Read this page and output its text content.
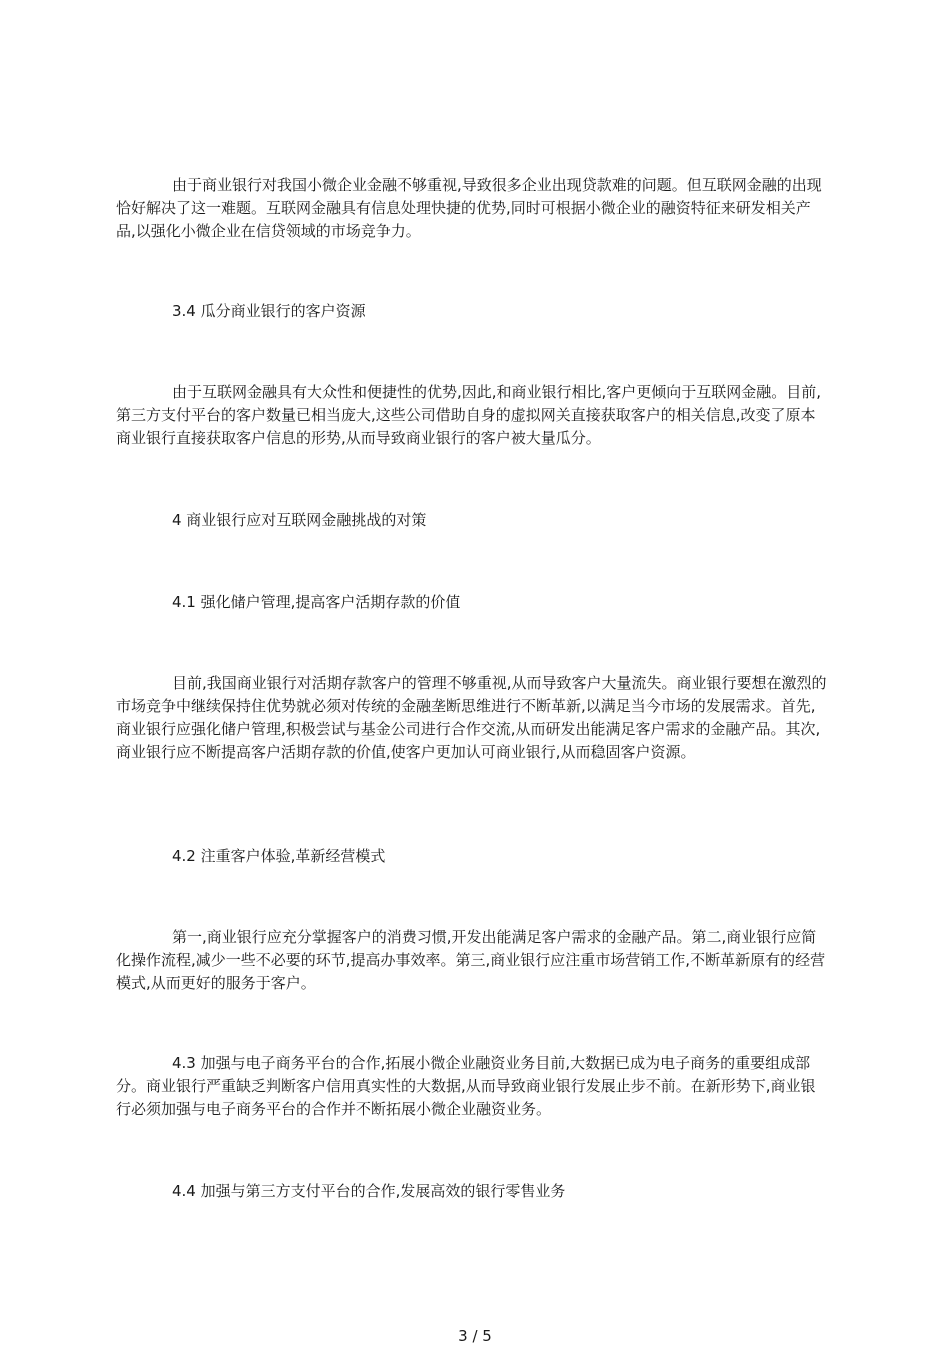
由于商业银行对我国小微企业金融不够重视,导致很多企业出现贷款难的问题。但互联网金融的出现恰好解决了这一难题。互联网金融具有信息处理快捷的优势,同时可根据小微企业的融资特征来研发相关产品,以强化小微企业在信贷领域的市场竞争力。

3.4 瓜分商业银行的客户资源

由于互联网金融具有大众性和便捷性的优势,因此,和商业银行相比,客户更倾向于互联网金融。目前,第三方支付平台的客户数量已相当庞大,这些公司借助自身的虚拟网关直接获取客户的相关信息,改变了原本商业银行直接获取客户信息的形势,从而导致商业银行的客户被大量瓜分。

4 商业银行应对互联网金融挑战的对策

4.1 强化储户管理,提高客户活期存款的价值

目前,我国商业银行对活期存款客户的管理不够重视,从而导致客户大量流失。商业银行要想在激烈的市场竞争中继续保持住优势就必须对传统的金融垄断思维进行不断革新,以满足当今市场的发展需求。首先,商业银行应强化储户管理,积极尝试与基金公司进行合作交流,从而研发出能满足客户需求的金融产品。其次,商业银行应不断提高客户活期存款的价值,使客户更加认可商业银行,从而稳固客户资源。

4.2 注重客户体验,革新经营模式

第一,商业银行应充分掌握客户的消费习惯,开发出能满足客户需求的金融产品。第二,商业银行应简化操作流程,减少一些不必要的环节,提高办事效率。第三,商业银行应注重市场营销工作,不断革新原有的经营模式,从而更好的服务于客户。

4.3 加强与电子商务平台的合作,拓展小微企业融资业务目前,大数据已成为电子商务的重要组成部分。商业银行严重缺乏判断客户信用真实性的大数据,从而导致商业银行发展止步不前。在新形势下,商业银行必须加强与电子商务平台的合作并不断拓展小微企业融资业务。

4.4 加强与第三方支付平台的合作,发展高效的银行零售业务

3 / 5
